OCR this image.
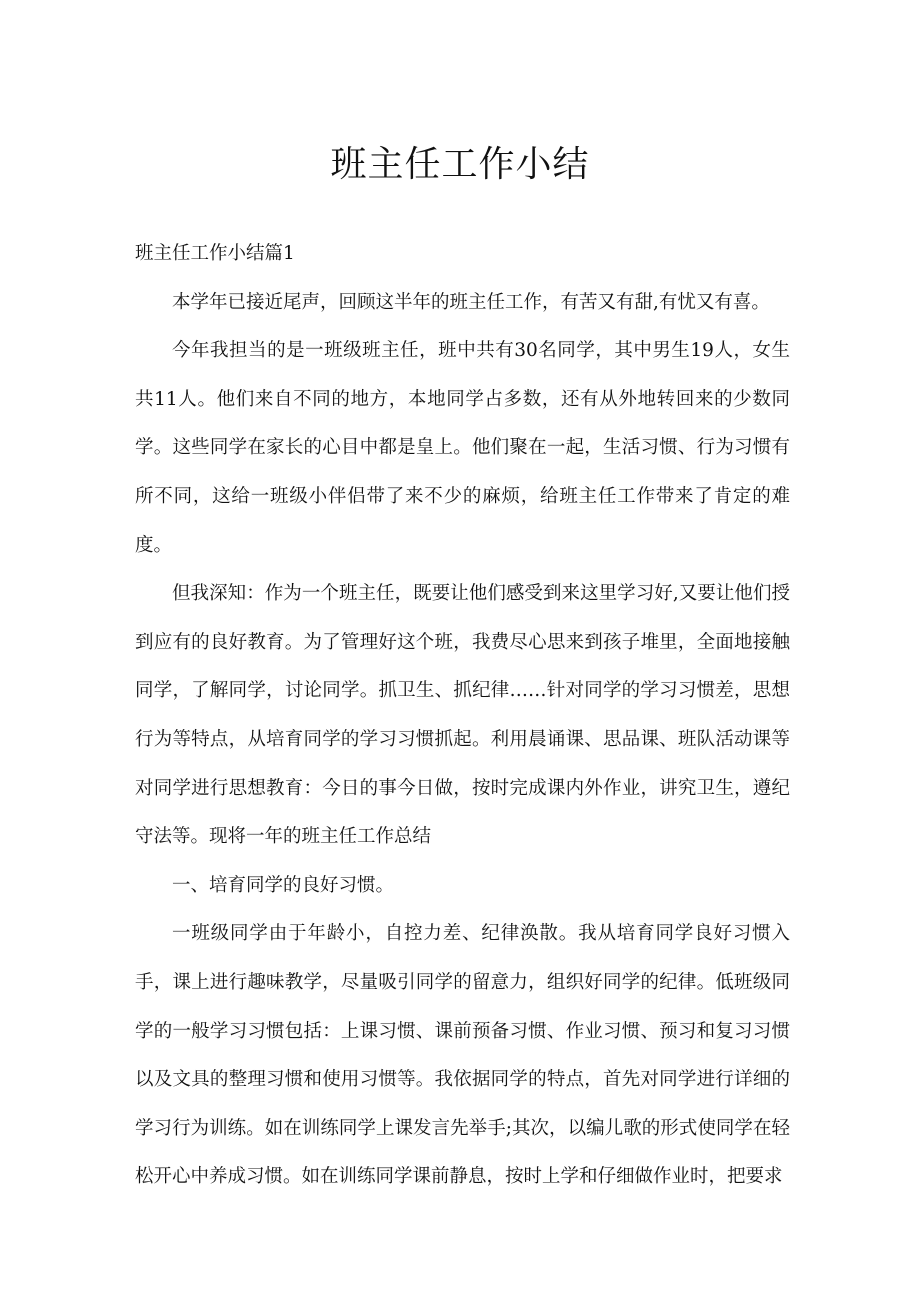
班主任工作小结

班主任工作小结篇1

本学年已接近尾声，回顾这半年的班主任工作，有苦又有甜,有忧又有喜。

今年我担当的是一班级班主任，班中共有30名同学，其中男生19人，女生共11人。他们来自不同的地方，本地同学占多数，还有从外地转回来的少数同学。这些同学在家长的心目中都是皇上。他们聚在一起，生活习惯、行为习惯有所不同，这给一班级小伴侣带了来不少的麻烦，给班主任工作带来了肯定的难度。

但我深知：作为一个班主任，既要让他们感受到来这里学习好,又要让他们授到应有的良好教育。为了管理好这个班，我费尽心思来到孩子堆里，全面地接触同学，了解同学，讨论同学。抓卫生、抓纪律……针对同学的学习习惯差，思想行为等特点，从培育同学的学习习惯抓起。利用晨诵课、思品课、班队活动课等对同学进行思想教育：今日的事今日做，按时完成课内外作业，讲究卫生，遵纪守法等。现将一年的班主任工作总结

一、培育同学的良好习惯。

一班级同学由于年龄小，自控力差、纪律涣散。我从培育同学良好习惯入手，课上进行趣味教学，尽量吸引同学的留意力，组织好同学的纪律。低班级同学的一般学习习惯包括：上课习惯、课前预备习惯、作业习惯、预习和复习习惯以及文具的整理习惯和使用习惯等。我依据同学的特点，首先对同学进行详细的学习行为训练。如在训练同学上课发言先举手;其次，以编儿歌的形式使同学在轻松开心中养成习惯。如在训练同学课前静息，按时上学和仔细做作业时，把要求
